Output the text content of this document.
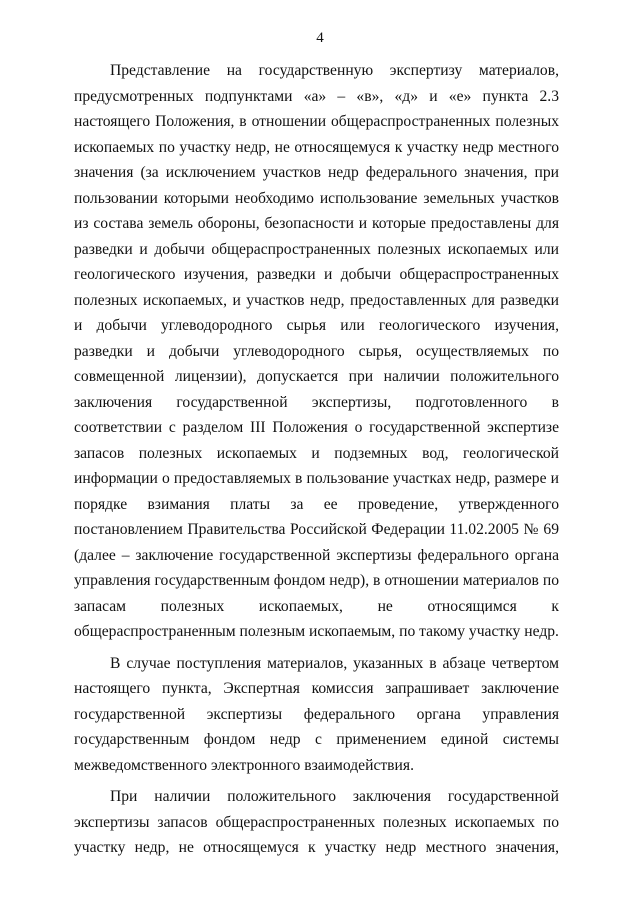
4

Представление на государственную экспертизу материалов, предусмотренных подпунктами «а» – «в», «д» и «е» пункта 2.3 настоящего Положения, в отношении общераспространенных полезных ископаемых по участку недр, не относящемуся к участку недр местного значения (за исключением участков недр федерального значения, при пользовании которыми необходимо использование земельных участков из состава земель обороны, безопасности и которые предоставлены для разведки и добычи общераспространенных полезных ископаемых или геологического изучения, разведки и добычи общераспространенных полезных ископаемых, и участков недр, предоставленных для разведки и добычи углеводородного сырья или геологического изучения, разведки и добычи углеводородного сырья, осуществляемых по совмещенной лицензии), допускается при наличии положительного заключения государственной экспертизы, подготовленного в соответствии с разделом III Положения о государственной экспертизе запасов полезных ископаемых и подземных вод, геологической информации о предоставляемых в пользование участках недр, размере и порядке взимания платы за ее проведение, утвержденного постановлением Правительства Российской Федерации 11.02.2005 № 69 (далее – заключение государственной экспертизы федерального органа управления государственным фондом недр), в отношении материалов по запасам полезных ископаемых, не относящимся к общераспространенным полезным ископаемым, по такому участку недр.

В случае поступления материалов, указанных в абзаце четвертом настоящего пункта, Экспертная комиссия запрашивает заключение государственной экспертизы федерального органа управления государственным фондом недр с применением единой системы межведомственного электронного взаимодействия.

При наличии положительного заключения государственной экспертизы запасов общераспространенных полезных ископаемых по участку недр, не относящемуся к участку недр местного значения,
